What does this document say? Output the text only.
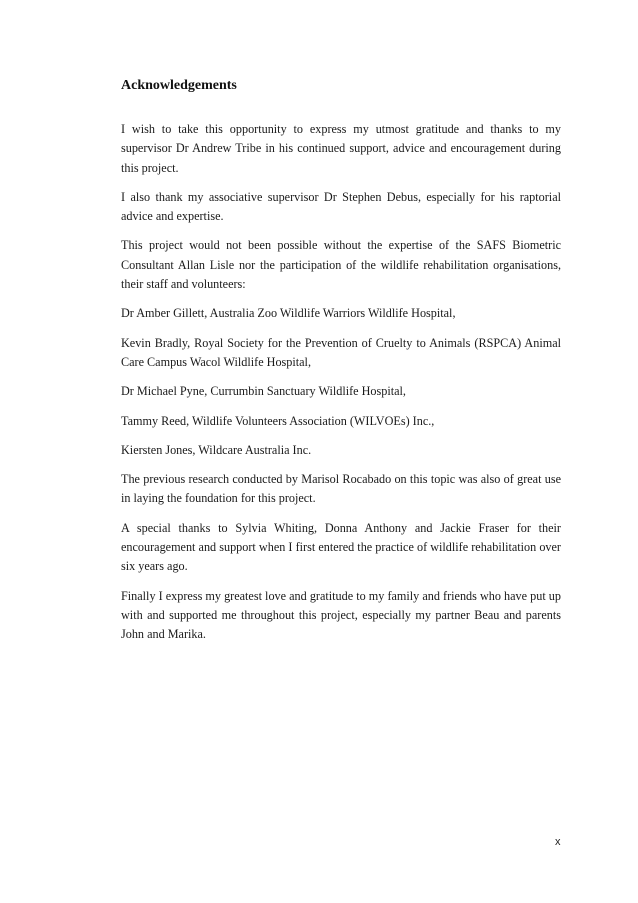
Acknowledgements

I wish to take this opportunity to express my utmost gratitude and thanks to my supervisor Dr Andrew Tribe in his continued support, advice and encouragement during this project.

I also thank my associative supervisor Dr Stephen Debus, especially for his raptorial advice and expertise.

This project would not been possible without the expertise of the SAFS Biometric Consultant Allan Lisle nor the participation of the wildlife rehabilitation organisations, their staff and volunteers:

Dr Amber Gillett, Australia Zoo Wildlife Warriors Wildlife Hospital,

Kevin Bradly, Royal Society for the Prevention of Cruelty to Animals (RSPCA) Animal Care Campus Wacol Wildlife Hospital,

Dr Michael Pyne, Currumbin Sanctuary Wildlife Hospital,

Tammy Reed, Wildlife Volunteers Association (WILVOEs) Inc.,

Kiersten Jones, Wildcare Australia Inc.

The previous research conducted by Marisol Rocabado on this topic was also of great use in laying the foundation for this project.

A special thanks to Sylvia Whiting, Donna Anthony and Jackie Fraser for their encouragement and support when I first entered the practice of wildlife rehabilitation over six years ago.

Finally I express my greatest love and gratitude to my family and friends who have put up with and supported me throughout this project, especially my partner Beau and parents John and Marika.

x
